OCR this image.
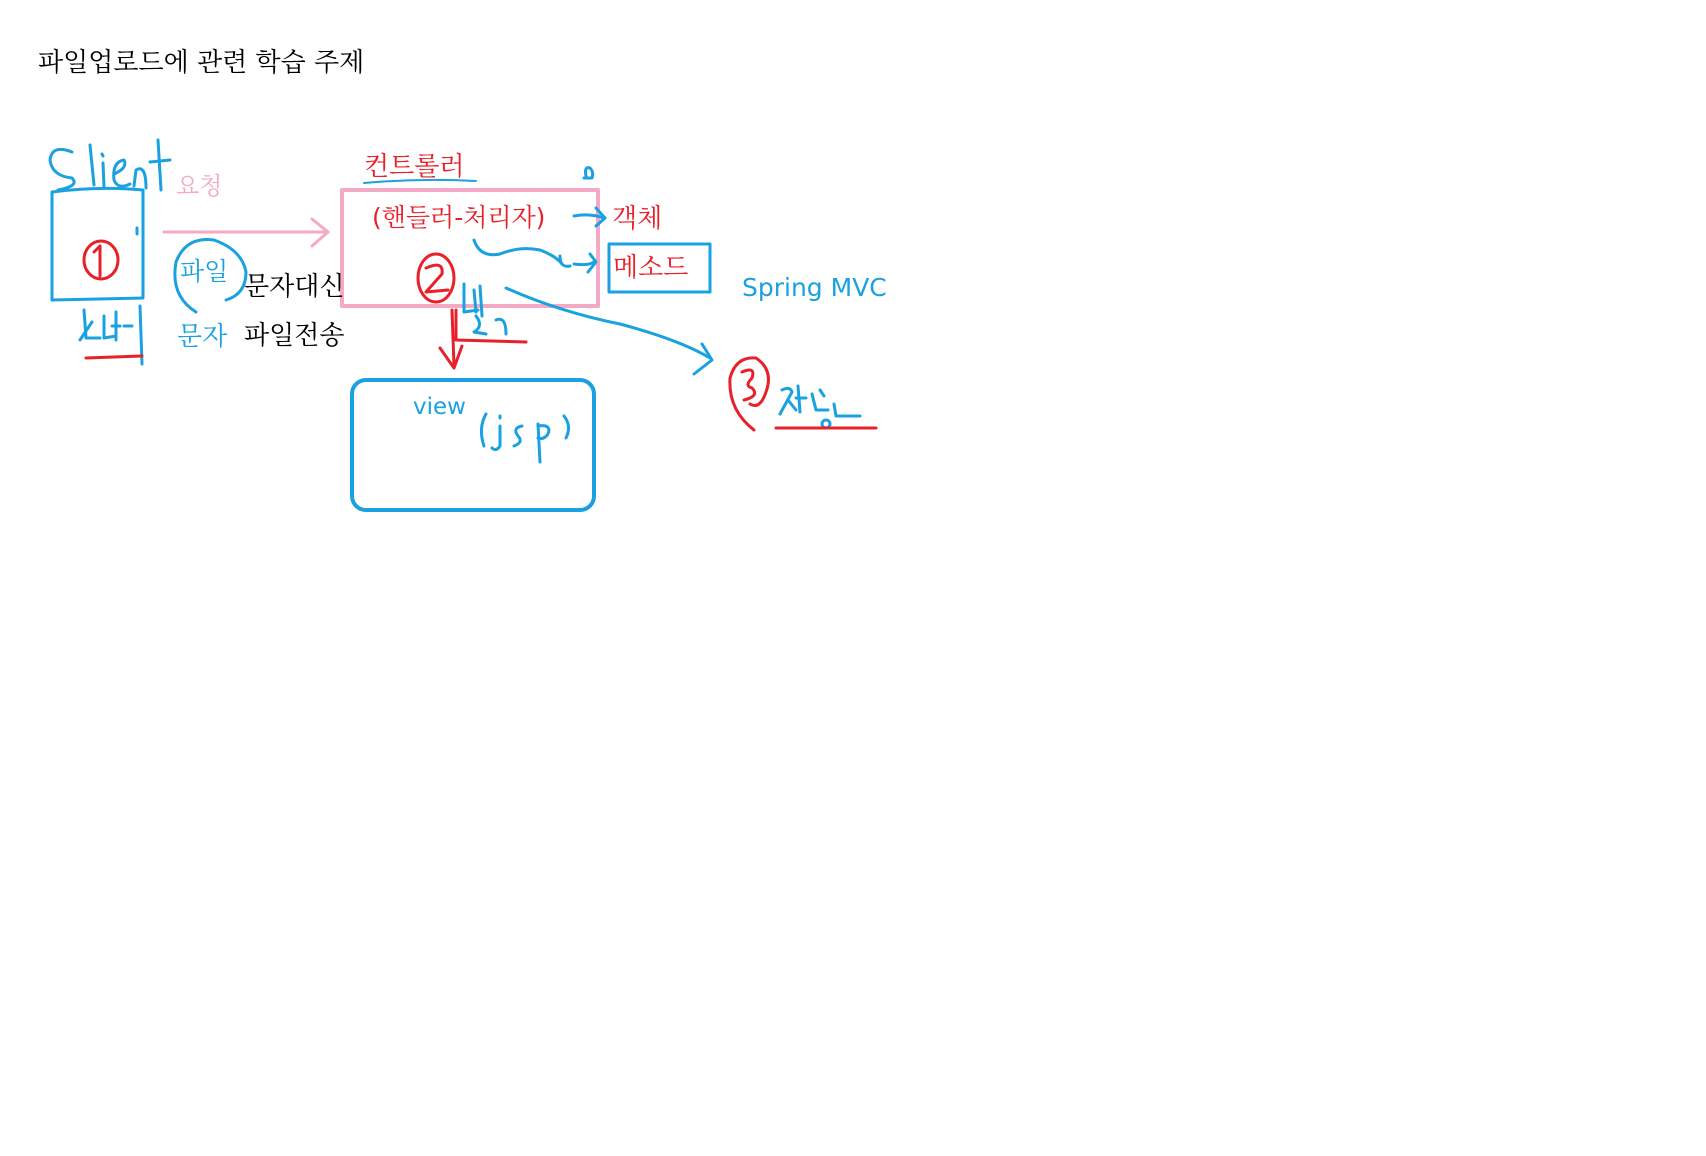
파일업로드에 관련 학습 주제
요청
컨트롤러
(핸들러-처리자)	객체
메소드
Spring MVC
파일
문자대신
문자 파일전송
view
